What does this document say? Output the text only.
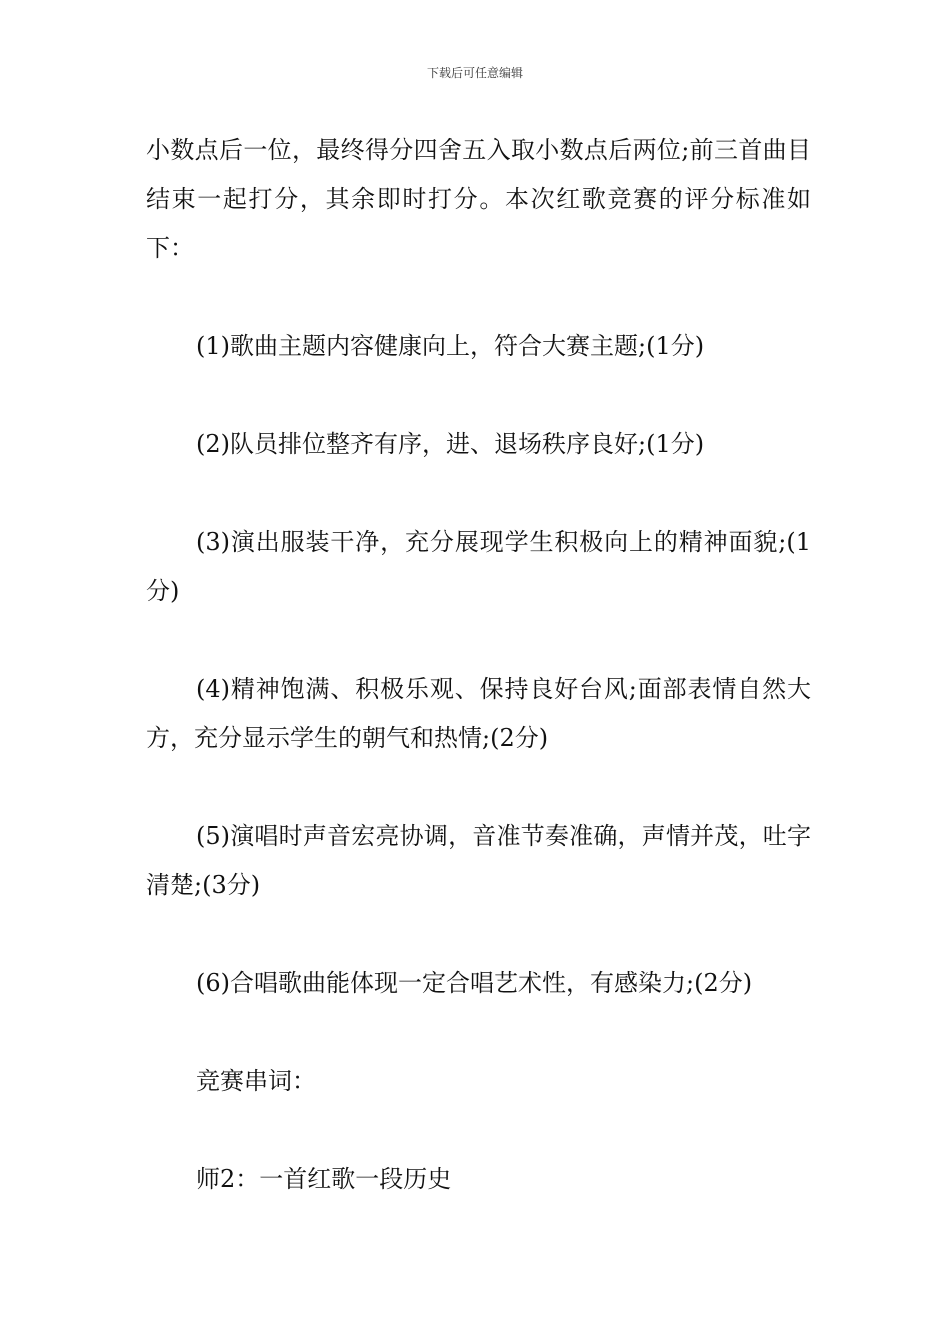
下载后可任意编辑

小数点后一位，最终得分四舍五入取小数点后两位;前三首曲目结束一起打分，其余即时打分。本次红歌竞赛的评分标准如下：

(1)歌曲主题内容健康向上，符合大赛主题;(1分)

(2)队员排位整齐有序，进、退场秩序良好;(1分)

(3)演出服装干净，充分展现学生积极向上的精神面貌;(1分)

(4)精神饱满、积极乐观、保持良好台风;面部表情自然大方，充分显示学生的朝气和热情;(2分)

(5)演唱时声音宏亮协调，音准节奏准确，声情并茂，吐字清楚;(3分)

(6)合唱歌曲能体现一定合唱艺术性，有感染力;(2分)

竞赛串词：

师2：一首红歌一段历史
